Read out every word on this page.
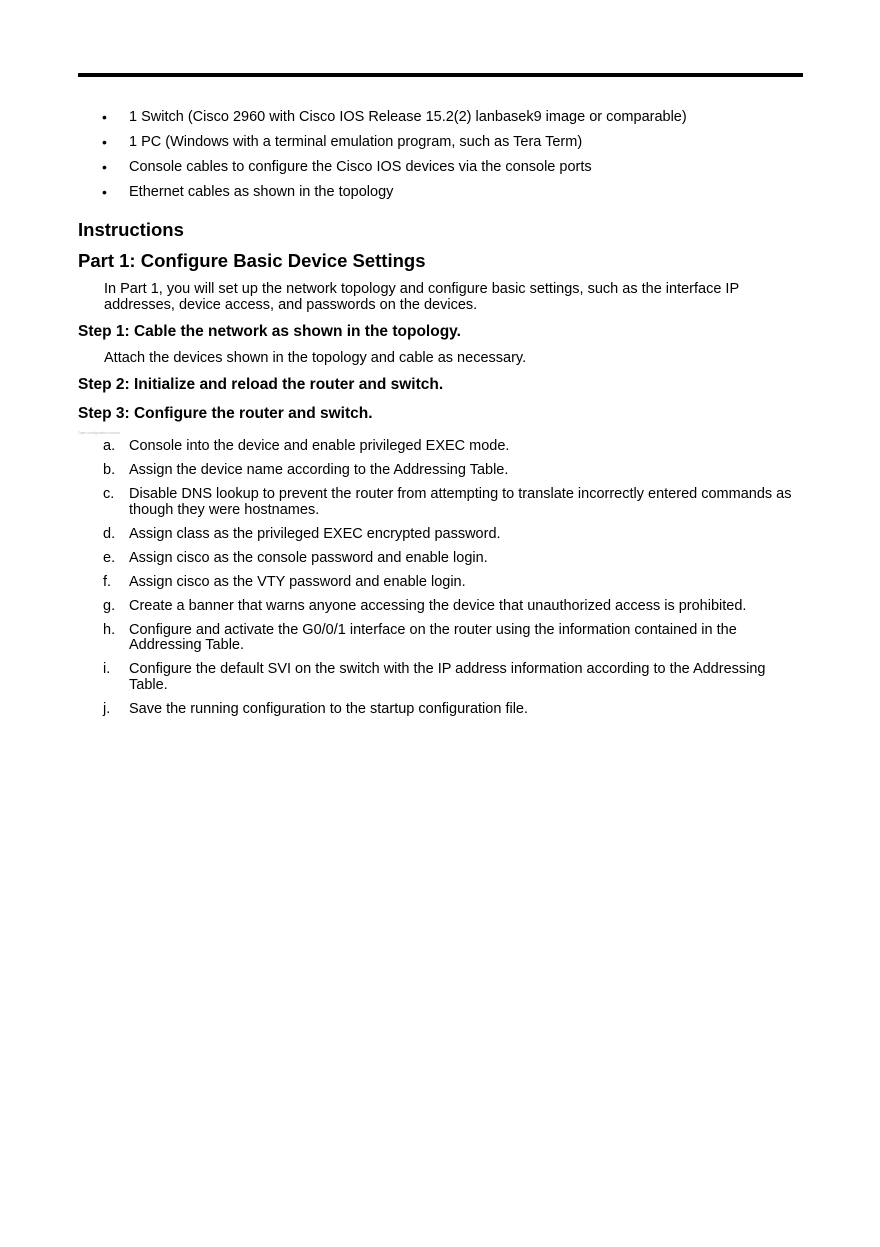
• 1 Switch (Cisco 2960 with Cisco IOS Release 15.2(2) lanbasek9 image or comparable)
• 1 PC (Windows with a terminal emulation program, such as Tera Term)
• Console cables to configure the Cisco IOS devices via the console ports
• Ethernet cables as shown in the topology
Instructions
Part 1: Configure Basic Device Settings

In Part 1, you will set up the network topology and configure basic settings, such as the interface IP addresses, device access, and passwords on the devices.

Step 1: Cable the network as shown in the topology.

Attach the devices shown in the topology and cable as necessary.

Step 2: Initialize and reload the router and switch.
Step 3: Configure the router and switch.
Open configuration window
a. Console into the device and enable privileged EXEC mode.
b. Assign the device name according to the Addressing Table.
c. Disable DNS lookup to prevent the router from attempting to translate incorrectly entered commands as though they were hostnames.
d. Assign class as the privileged EXEC encrypted password.
e. Assign cisco as the console password and enable login.
f. Assign cisco as the VTY password and enable login.
g. Create a banner that warns anyone accessing the device that unauthorized access is prohibited.
h. Configure and activate the G0/0/1 interface on the router using the information contained in the Addressing Table.
i. Configure the default SVI on the switch with the IP address information according to the Addressing Table.
j. Save the running configuration to the startup configuration file.
